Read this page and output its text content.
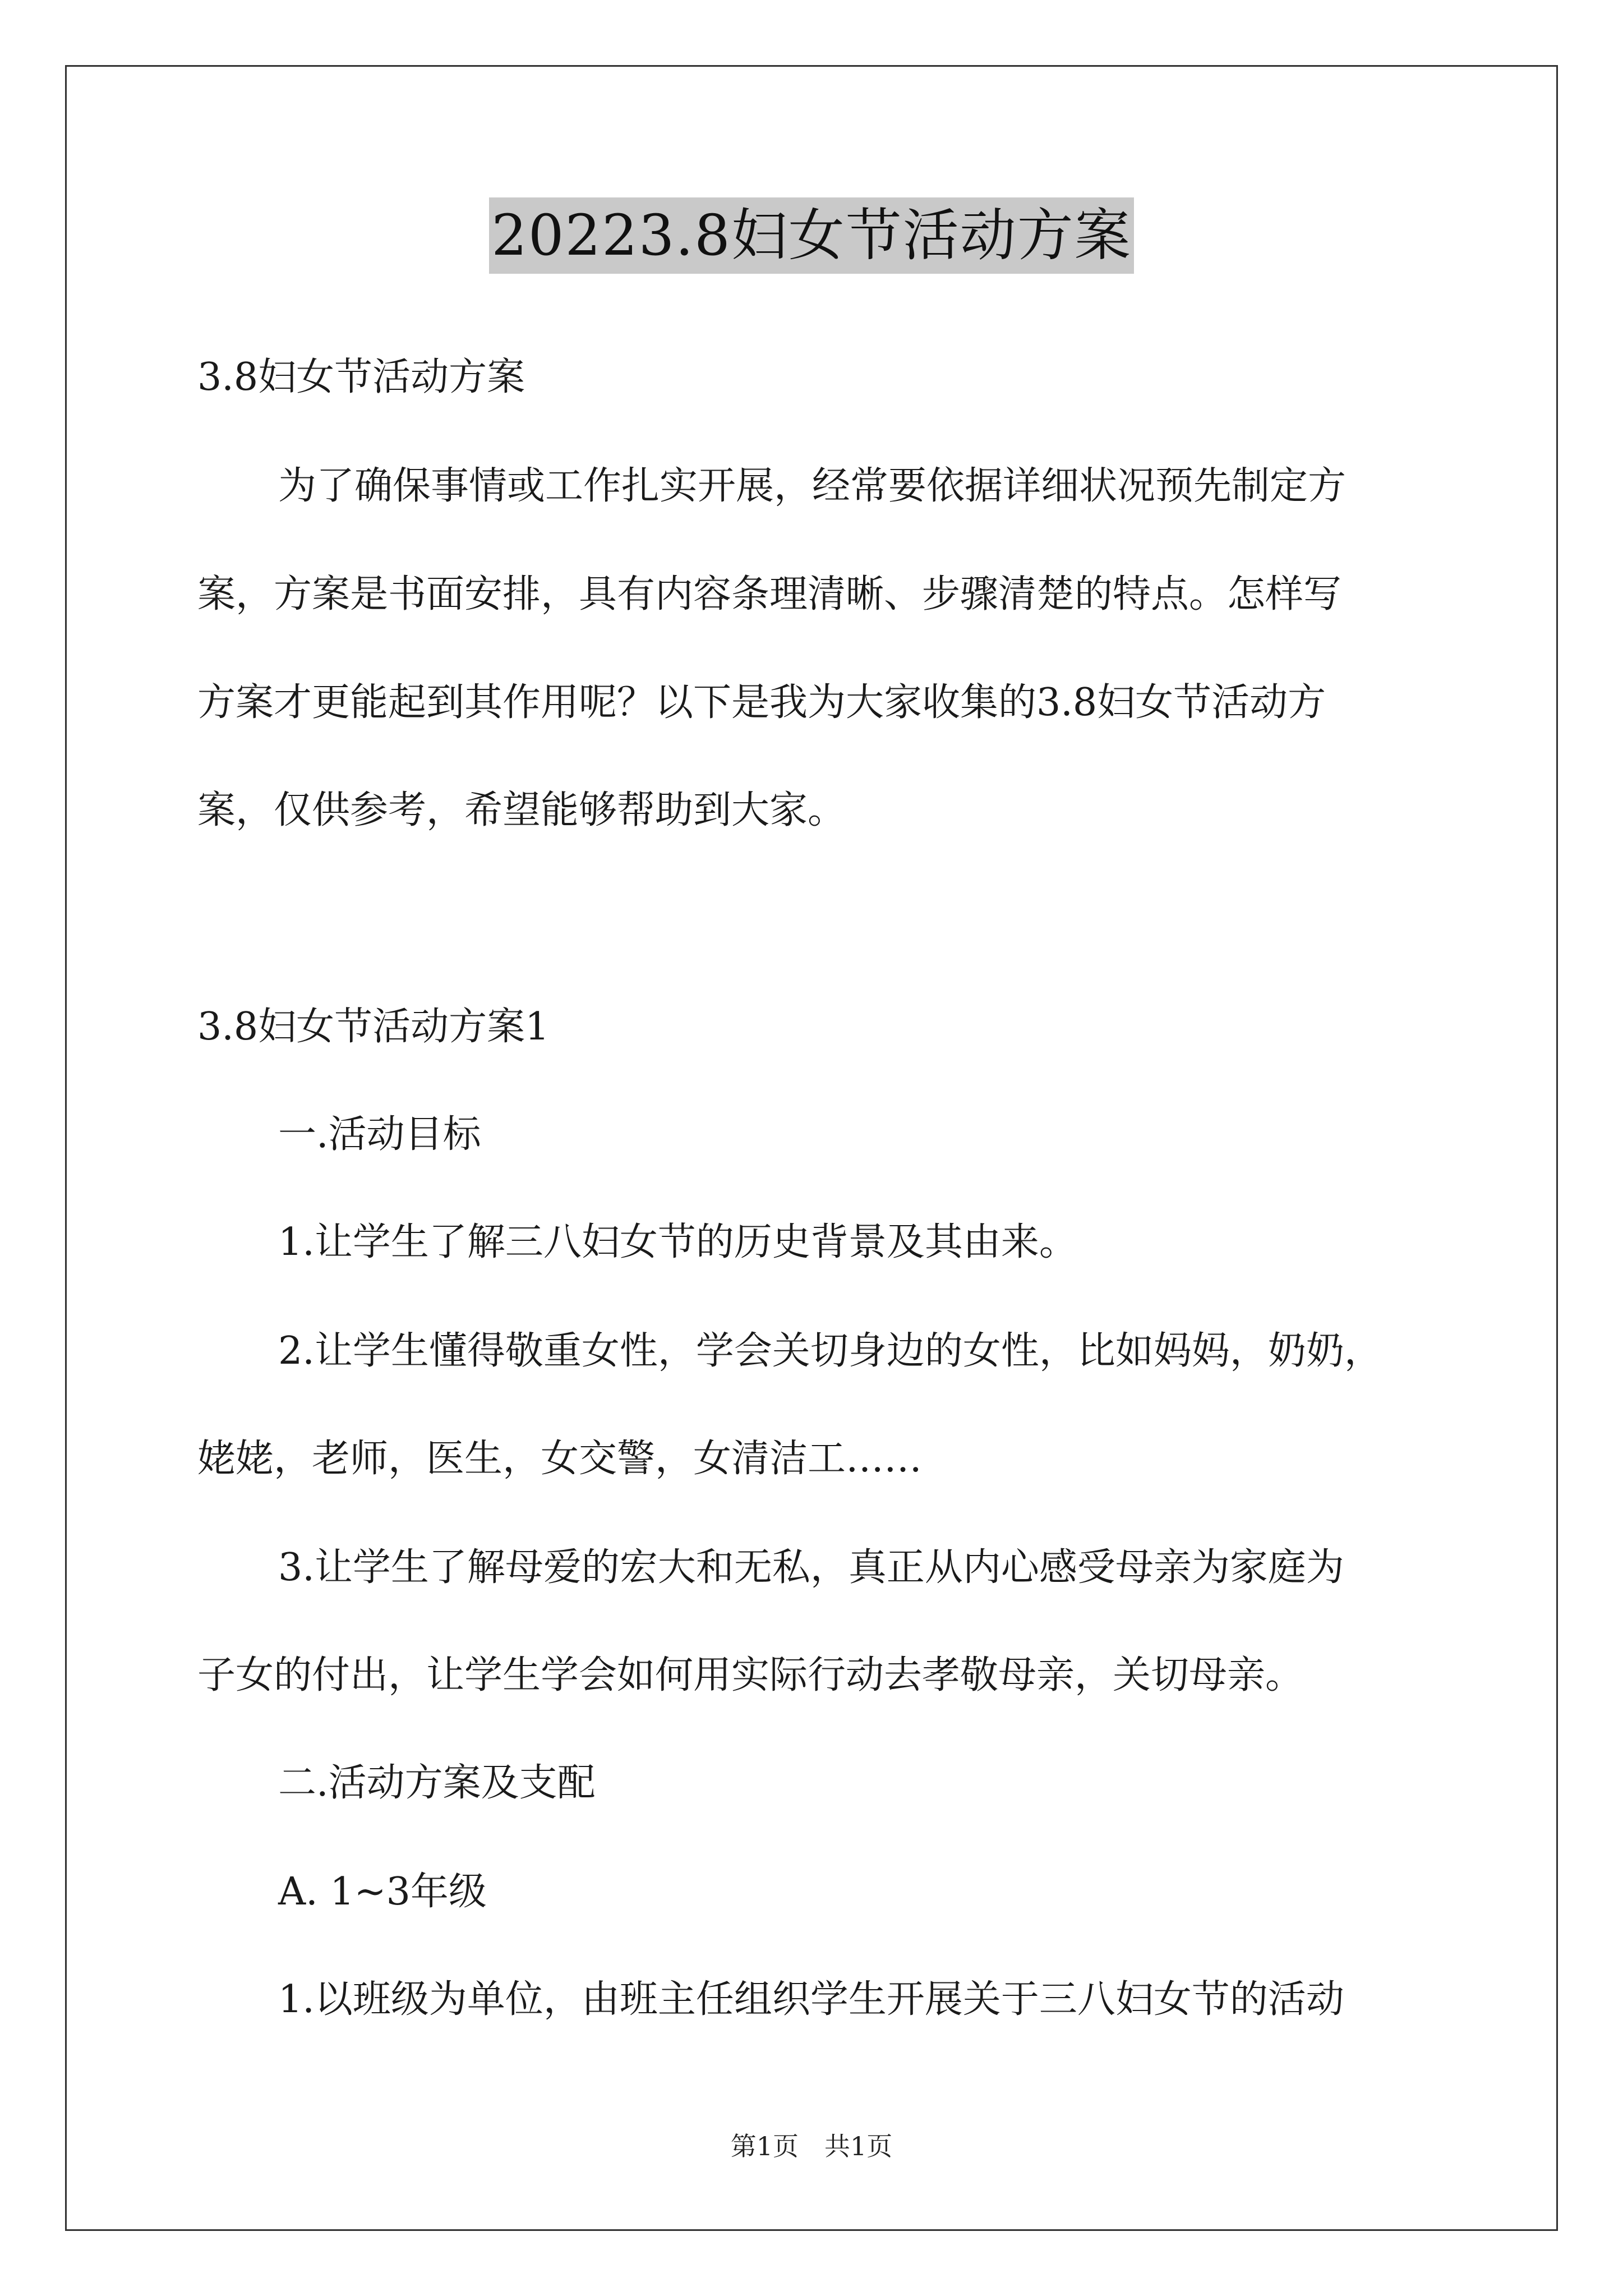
20223.8妇女节活动方案
3.8妇女节活动方案
为了确保事情或工作扎实开展，经常要依据详细状况预先制定方
案，方案是书面安排，具有内容条理清晰、步骤清楚的特点。怎样写
方案才更能起到其作用呢？以下是我为大家收集的3.8妇女节活动方
案，仅供参考，希望能够帮助到大家。
3.8妇女节活动方案1
一.活动目标
1.让学生了解三八妇女节的历史背景及其由来。
2.让学生懂得敬重女性，学会关切身边的女性，比如妈妈，奶奶，
姥姥，老师，医生，女交警，女清洁工……
3.让学生了解母爱的宏大和无私，真正从内心感受母亲为家庭为
子女的付出，让学生学会如何用实际行动去孝敬母亲，关切母亲。
二.活动方案及支配
A. 1~3年级
1.以班级为单位，由班主任组织学生开展关于三八妇女节的活动
第1页　共1页
